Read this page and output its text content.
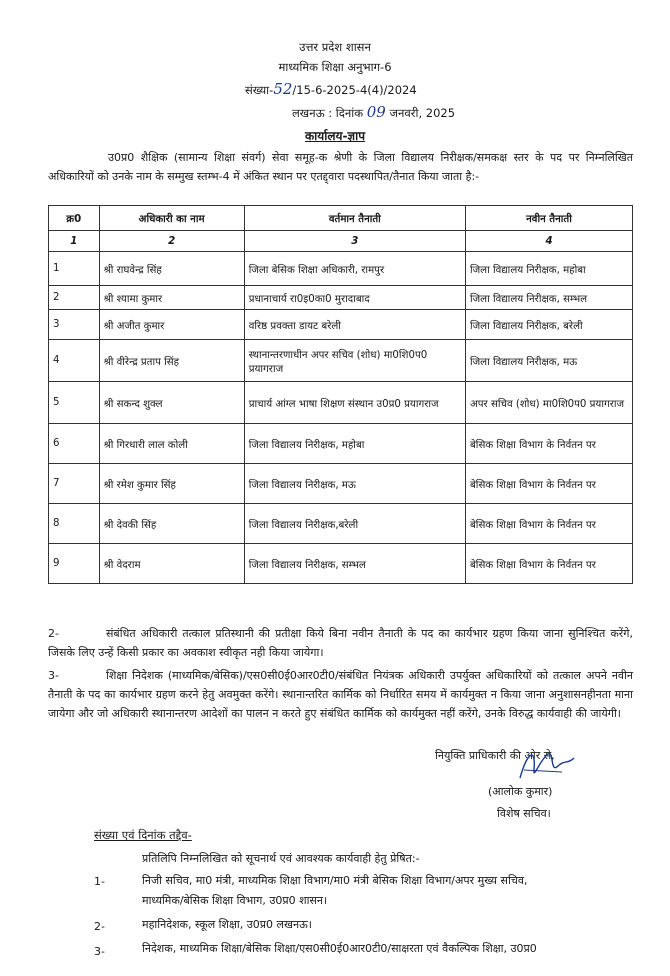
उत्तर प्रदेश शासन
माध्यमिक शिक्षा अनुभाग-6
संख्या-52/15-6-2025-4(4)/2024
लखनऊ : दिनांक 09 जनवरी, 2025
कार्यालय-ज्ञाप
उ0प्र0 शैक्षिक (सामान्य शिक्षा संवर्ग) सेवा समूह-क श्रेणी के जिला विद्यालय निरीक्षक/समकक्ष स्तर के पद पर निम्नलिखित अधिकारियों को उनके नाम के सम्मुख स्तम्भ-4 में अंकित स्थान पर एतद्द्वारा पदस्थापित/तैनात किया जाता है:-
क्र0	अधिकारी का नाम	वर्तमान तैनाती	नवीन तैनाती
1	2	3	4
1	श्री राघवेन्द्र सिंह	जिला बेसिक शिक्षा अधिकारी, रामपुर	जिला विद्यालय निरीक्षक, महोबा
2	श्री श्यामा कुमार	प्रधानाचार्य रा0इ0का0 मुरादाबाद	जिला विद्यालय निरीक्षक, सम्भल
3	श्री अजीत कुमार	वरिष्ठ प्रवक्ता डायट बरेली	जिला विद्यालय निरीक्षक, बरेली
4	श्री वीरेन्द्र प्रताप सिंह	स्थानान्तरणाधीन अपर सचिव (शोध) मा0शि0प0 प्रयागराज	जिला विद्यालय निरीक्षक, मऊ
5	श्री सकन्द शुक्ल	प्राचार्य आंग्ल भाषा शिक्षण संस्थान उ0प्र0 प्रयागराज	अपर सचिव (शोध) मा0शि0प0 प्रयागराज
6	श्री गिरधारी लाल कोली	जिला विद्यालय निरीक्षक, महोबा	बेसिक शिक्षा विभाग के निर्वतन पर
7	श्री रमेश कुमार सिंह	जिला विद्यालय निरीक्षक, मऊ	बेसिक शिक्षा विभाग के निर्वतन पर
8	श्री देवकी सिंह	जिला विद्यालय निरीक्षक,बरेली	बेसिक शिक्षा विभाग के निर्वतन पर
9	श्री वेदराम	जिला विद्यालय निरीक्षक, सम्भल	बेसिक शिक्षा विभाग के निर्वतन पर
2-	संबंधित अधिकारी तत्काल प्रतिस्थानी की प्रतीक्षा किये बिना नवीन तैनाती के पद का कार्यभार ग्रहण किया जाना सुनिश्चित करेंगे, जिसके लिए उन्हें किसी प्रकार का अवकाश स्वीकृत नही किया जायेगा।
3-	शिक्षा निदेशक (माध्यमिक/बेसिक)/एस0सी0ई0आर0टी0/संबंधित नियंत्रक अधिकारी उपर्युक्त अधिकारियों को तत्काल अपने नवीन तैनाती के पद का कार्यभार ग्रहण करने हेतु अवमुक्त करेंगे। स्थानान्तरित कार्मिक को निर्धारित समय में कार्यमुक्त न किया जाना अनुशासनहीनता माना जायेगा और जो अधिकारी स्थानान्तरण आदेशों का पालन न करते हुए संबंधित कार्मिक को कार्यमुक्त नहीं करेंगे, उनके विरुद्ध कार्यवाही की जायेगी।
नियुक्ति प्राधिकारी की ओर से,
(आलोक कुमार)
विशेष सचिव।
संख्या एवं दिनांक तद्दैव-
प्रतिलिपि निम्नलिखित को सूचनार्थ एवं आवश्यक कार्यवाही हेतु प्रेषित:-
1-	निजी सचिव, मा0 मंत्री, माध्यमिक शिक्षा विभाग/मा0 मंत्री बेसिक शिक्षा विभाग/अपर मुख्य सचिव,
माध्यमिक/बेसिक शिक्षा विभाग, उ0प्र0 शासन।
2-	महानिदेशक, स्कूल शिक्षा, उ0प्र0 लखनऊ।
3-	निदेशक, माध्यमिक शिक्षा/बेसिक शिक्षा/एस0सी0ई0आर0टी0/साक्षरता एवं वैकल्पिक शिक्षा, उ0प्र0
